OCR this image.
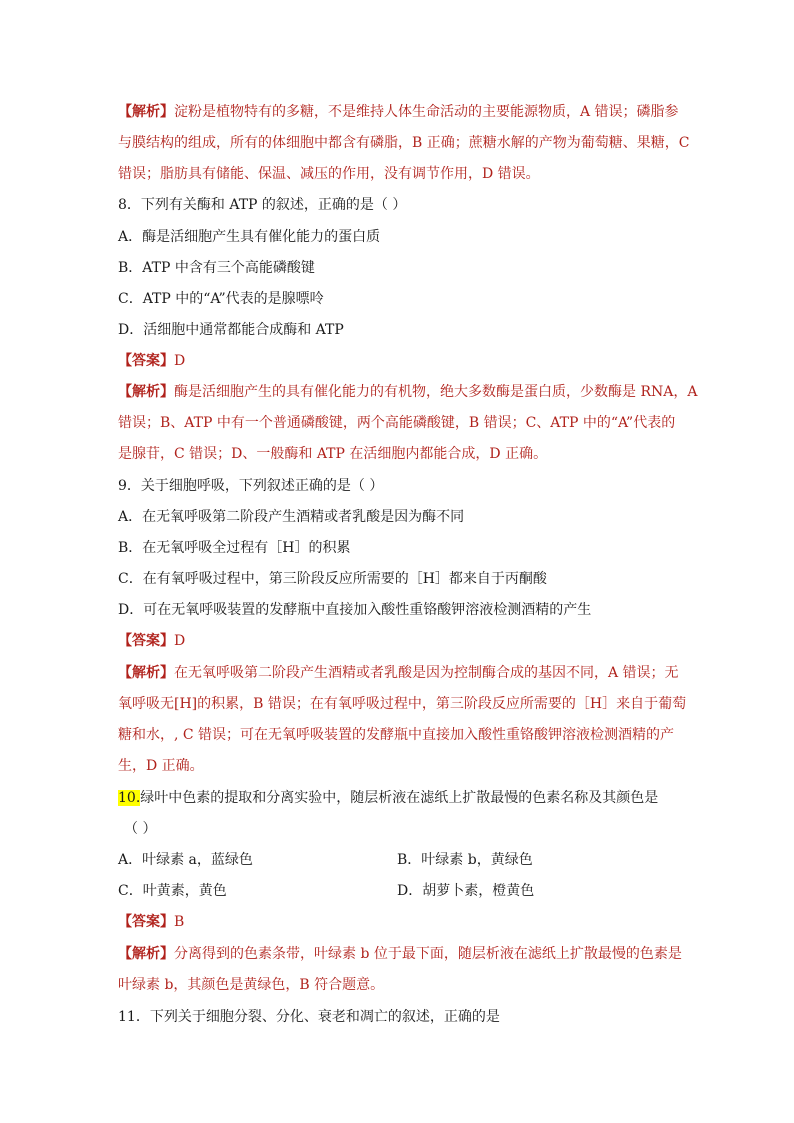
【解析】淀粉是植物特有的多糖，不是维持人体生命活动的主要能源物质，A 错误；磷脂参
与膜结构的组成，所有的体细胞中都含有磷脂，B 正确；蔗糖水解的产物为葡萄糖、果糖，C
错误；脂肪具有储能、保温、减压的作用，没有调节作用，D 错误。
8．下列有关酶和 ATP 的叙述，正确的是（ ）
A．酶是活细胞产生具有催化能力的蛋白质
B．ATP 中含有三个高能磷酸键
C．ATP 中的“A”代表的是腺嘌呤
D．活细胞中通常都能合成酶和 ATP
【答案】D
【解析】酶是活细胞产生的具有催化能力的有机物，绝大多数酶是蛋白质，少数酶是 RNA，A
错误；B、ATP 中有一个普通磷酸键，两个高能磷酸键，B 错误；C、ATP 中的“A”代表的
是腺苷，C 错误；D、一般酶和 ATP 在活细胞内都能合成，D 正确。
9．关于细胞呼吸，下列叙述正确的是（ ）
A．在无氧呼吸第二阶段产生酒精或者乳酸是因为酶不同
B．在无氧呼吸全过程有［H］的积累
C．在有氧呼吸过程中，第三阶段反应所需要的［H］都来自于丙酮酸
D．可在无氧呼吸装置的发酵瓶中直接加入酸性重铬酸钾溶液检测酒精的产生
【答案】D
【解析】在无氧呼吸第二阶段产生酒精或者乳酸是因为控制酶合成的基因不同，A 错误；无
氧呼吸无[H]的积累，B 错误；在有氧呼吸过程中，第三阶段反应所需要的［H］来自于葡萄
糖和水，, C 错误；可在无氧呼吸装置的发酵瓶中直接加入酸性重铬酸钾溶液检测酒精的产
生，D 正确。
10.绿叶中色素的提取和分离实验中，随层析液在滤纸上扩散最慢的色素名称及其颜色是
（ ）
A．叶绿素 a，蓝绿色	B．叶绿素 b，黄绿色
C．叶黄素，黄色	D．胡萝卜素，橙黄色
【答案】B
【解析】分离得到的色素条带，叶绿素 b 位于最下面，随层析液在滤纸上扩散最慢的色素是
叶绿素 b，其颜色是黄绿色，B 符合题意。
11．下列关于细胞分裂、分化、衰老和凋亡的叙述，正确的是
